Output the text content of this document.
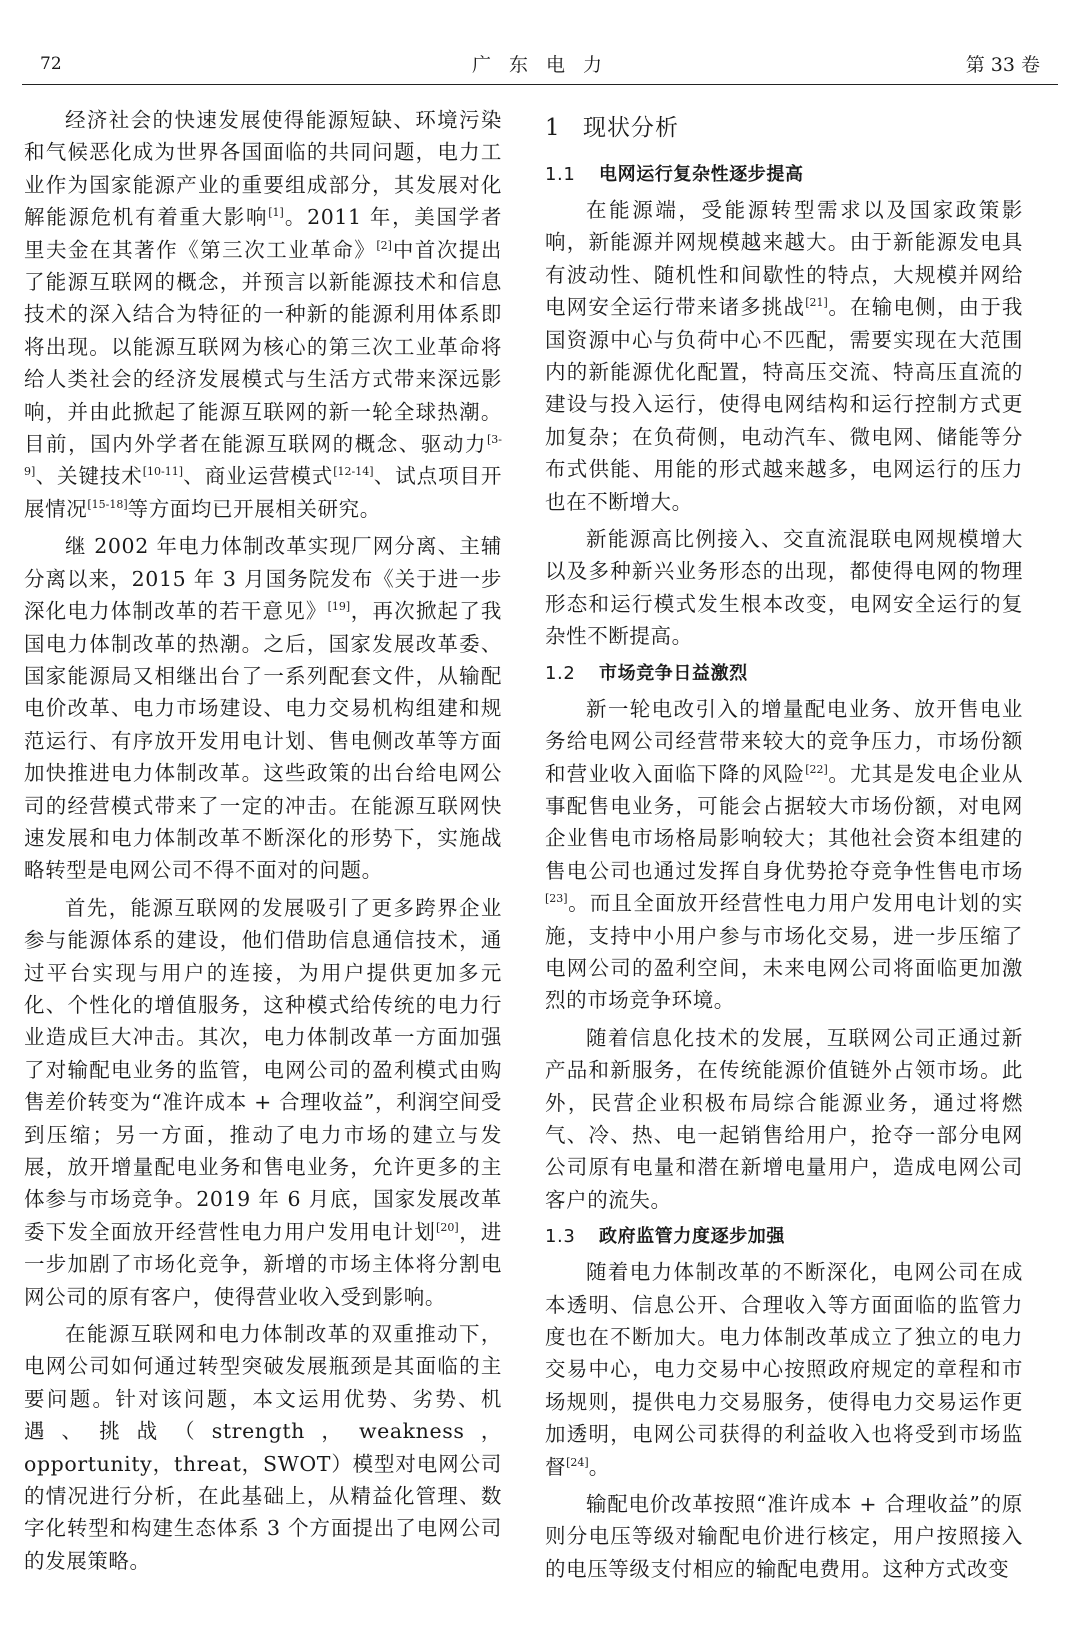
72	广 东 电 力	第 33 卷

经济社会的快速发展使得能源短缺、环境污染和气候恶化成为世界各国面临的共同问题，电力工业作为国家能源产业的重要组成部分，其发展对化解能源危机有着重大影响[1]。2011 年，美国学者里夫金在其著作《第三次工业革命》[2]中首次提出了能源互联网的概念，并预言以新能源技术和信息技术的深入结合为特征的一种新的能源利用体系即将出现。以能源互联网为核心的第三次工业革命将给人类社会的经济发展模式与生活方式带来深远影响，并由此掀起了能源互联网的新一轮全球热潮。目前，国内外学者在能源互联网的概念、驱动力[3-9]、关键技术[10-11]、商业运营模式[12-14]、试点项目开展情况[15-18]等方面均已开展相关研究。

继 2002 年电力体制改革实现厂网分离、主辅分离以来，2015 年 3 月国务院发布《关于进一步深化电力体制改革的若干意见》[19]，再次掀起了我国电力体制改革的热潮。之后，国家发展改革委、国家能源局又相继出台了一系列配套文件，从输配电价改革、电力市场建设、电力交易机构组建和规范运行、有序放开发用电计划、售电侧改革等方面加快推进电力体制改革。这些政策的出台给电网公司的经营模式带来了一定的冲击。在能源互联网快速发展和电力体制改革不断深化的形势下，实施战略转型是电网公司不得不面对的问题。

首先，能源互联网的发展吸引了更多跨界企业参与能源体系的建设，他们借助信息通信技术，通过平台实现与用户的连接，为用户提供更加多元化、个性化的增值服务，这种模式给传统的电力行业造成巨大冲击。其次，电力体制改革一方面加强了对输配电业务的监管，电网公司的盈利模式由购售差价转变为“准许成本 + 合理收益”，利润空间受到压缩；另一方面，推动了电力市场的建立与发展，放开增量配电业务和售电业务，允许更多的主体参与市场竞争。2019 年 6 月底，国家发展改革委下发全面放开经营性电力用户发用电计划[20]，进一步加剧了市场化竞争，新增的市场主体将分割电网公司的原有客户，使得营业收入受到影响。

在能源互联网和电力体制改革的双重推动下，电网公司如何通过转型突破发展瓶颈是其面临的主要问题。针对该问题，本文运用优势、劣势、机遇、挑战（strength，weakness，opportunity，threat，SWOT）模型对电网公司的情况进行分析，在此基础上，从精益化管理、数字化转型和构建生态体系 3 个方面提出了电网公司的发展策略。

1 现状分析
1.1 电网运行复杂性逐步提高

在能源端，受能源转型需求以及国家政策影响，新能源并网规模越来越大。由于新能源发电具有波动性、随机性和间歇性的特点，大规模并网给电网安全运行带来诸多挑战[21]。在输电侧，由于我国资源中心与负荷中心不匹配，需要实现在大范围内的新能源优化配置，特高压交流、特高压直流的建设与投入运行，使得电网结构和运行控制方式更加复杂；在负荷侧，电动汽车、微电网、储能等分布式供能、用能的形式越来越多，电网运行的压力也在不断增大。

新能源高比例接入、交直流混联电网规模增大以及多种新兴业务形态的出现，都使得电网的物理形态和运行模式发生根本改变，电网安全运行的复杂性不断提高。

1.2 市场竞争日益激烈

新一轮电改引入的增量配电业务、放开售电业务给电网公司经营带来较大的竞争压力，市场份额和营业收入面临下降的风险[22]。尤其是发电企业从事配售电业务，可能会占据较大市场份额，对电网企业售电市场格局影响较大；其他社会资本组建的售电公司也通过发挥自身优势抢夺竞争性售电市场[23]。而且全面放开经营性电力用户发用电计划的实施，支持中小用户参与市场化交易，进一步压缩了电网公司的盈利空间，未来电网公司将面临更加激烈的市场竞争环境。

随着信息化技术的发展，互联网公司正通过新产品和新服务，在传统能源价值链外占领市场。此外，民营企业积极布局综合能源业务，通过将燃气、冷、热、电一起销售给用户，抢夺一部分电网公司原有电量和潜在新增电量用户，造成电网公司客户的流失。

1.3 政府监管力度逐步加强

随着电力体制改革的不断深化，电网公司在成本透明、信息公开、合理收入等方面面临的监管力度也在不断加大。电力体制改革成立了独立的电力交易中心，电力交易中心按照政府规定的章程和市场规则，提供电力交易服务，使得电力交易运作更加透明，电网公司获得的利益收入也将受到市场监督[24]。

输配电价改革按照“准许成本 + 合理收益”的原则分电压等级对输配电价进行核定，用户按照接入的电压等级支付相应的输配电费用。这种方式改变
